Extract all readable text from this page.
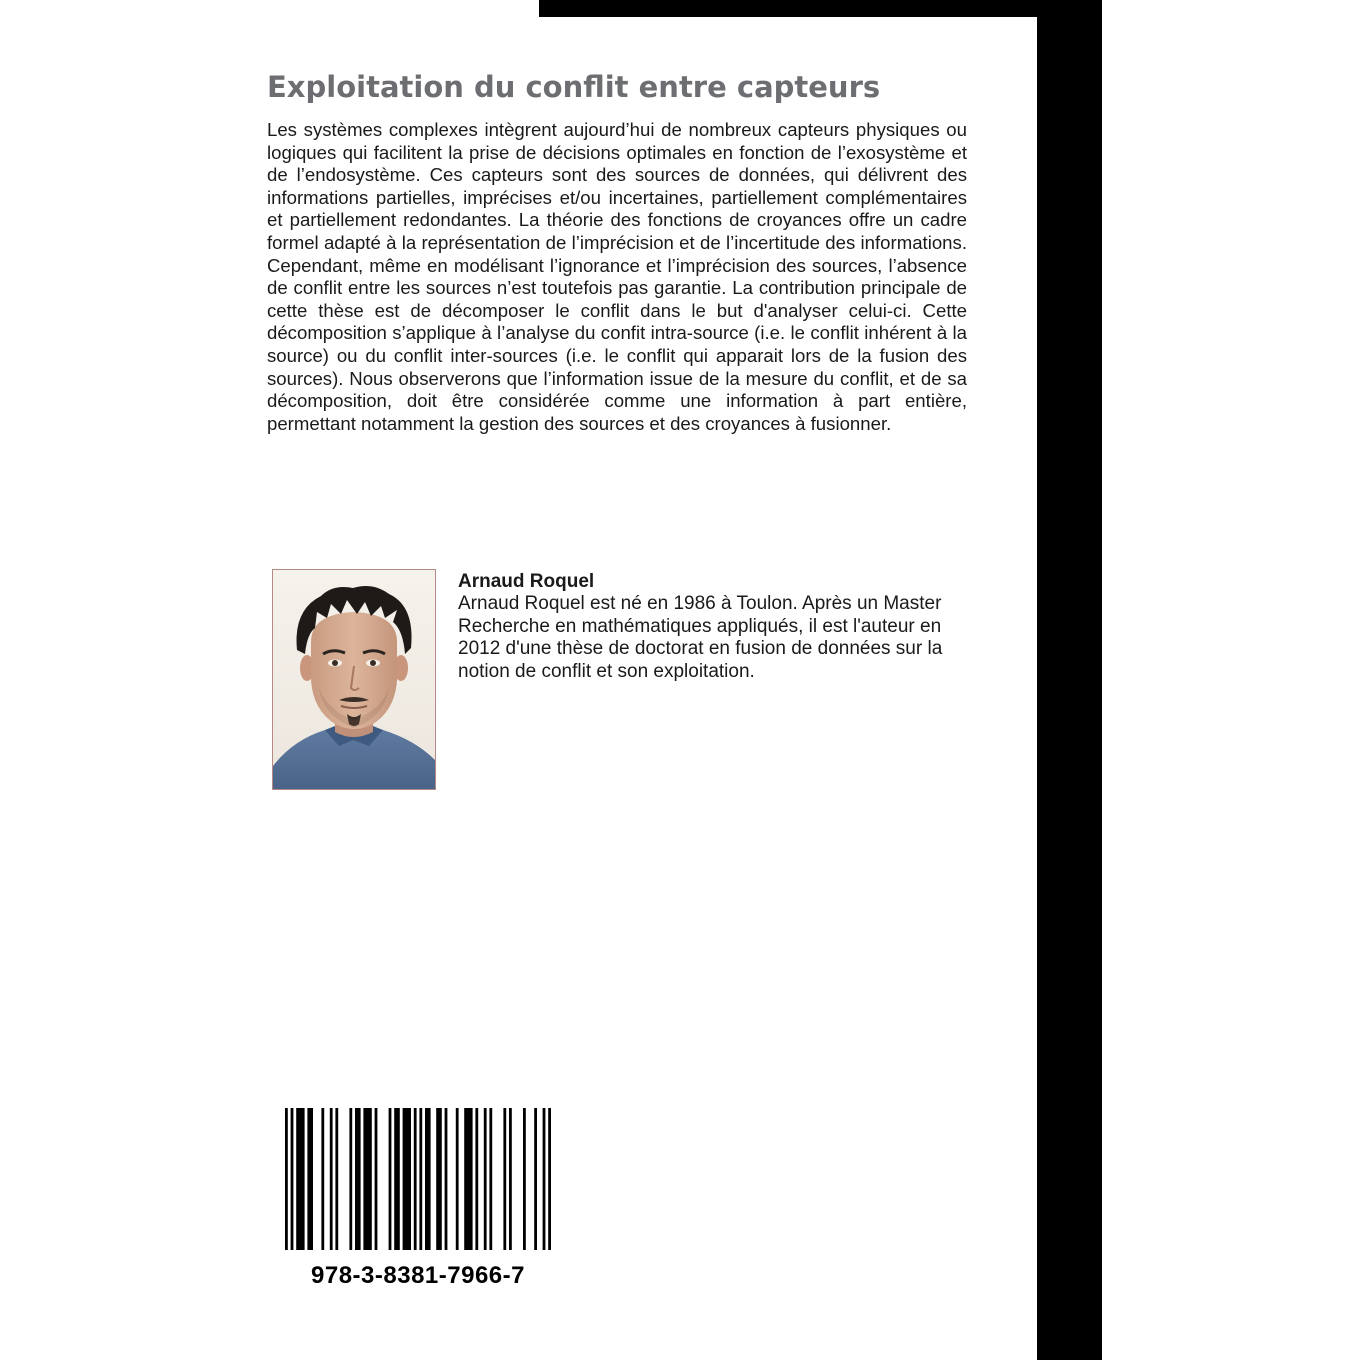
Exploitation du conflit entre capteurs

Les systèmes complexes intègrent aujourd’hui de nombreux capteurs physiques ou logiques qui facilitent la prise de décisions optimales en fonction de l’exosystème et de l’endosystème. Ces capteurs sont des sources de données, qui délivrent des informations partielles, imprécises et/ou incertaines, partiellement complémentaires et partiellement redondantes. La théorie des fonctions de croyances offre un cadre formel adapté à la représentation de l’imprécision et de l’incertitude des informations. Cependant, même en modélisant l’ignorance et l’imprécision des sources, l’absence de conflit entre les sources n’est toutefois pas garantie. La contribution principale de cette thèse est de décomposer le conflit dans le but d'analyser celui-ci. Cette décomposition s’applique à l’analyse du confit intra-source (i.e. le conflit inhérent à la source) ou du conflit inter-sources (i.e. le conflit qui apparait lors de la fusion des sources). Nous observerons que l’information issue de la mesure du conflit, et de sa décomposition, doit être considérée comme une information à part entière, permettant notamment la gestion des sources et des croyances à fusionner.

Arnaud Roquel

Arnaud Roquel est né en 1986 à Toulon. Après un Master Recherche en mathématiques appliqués, il est l'auteur en 2012 d'une thèse de doctorat en fusion de données sur la notion de conflit et son exploitation.

978-3-8381-7966-7
